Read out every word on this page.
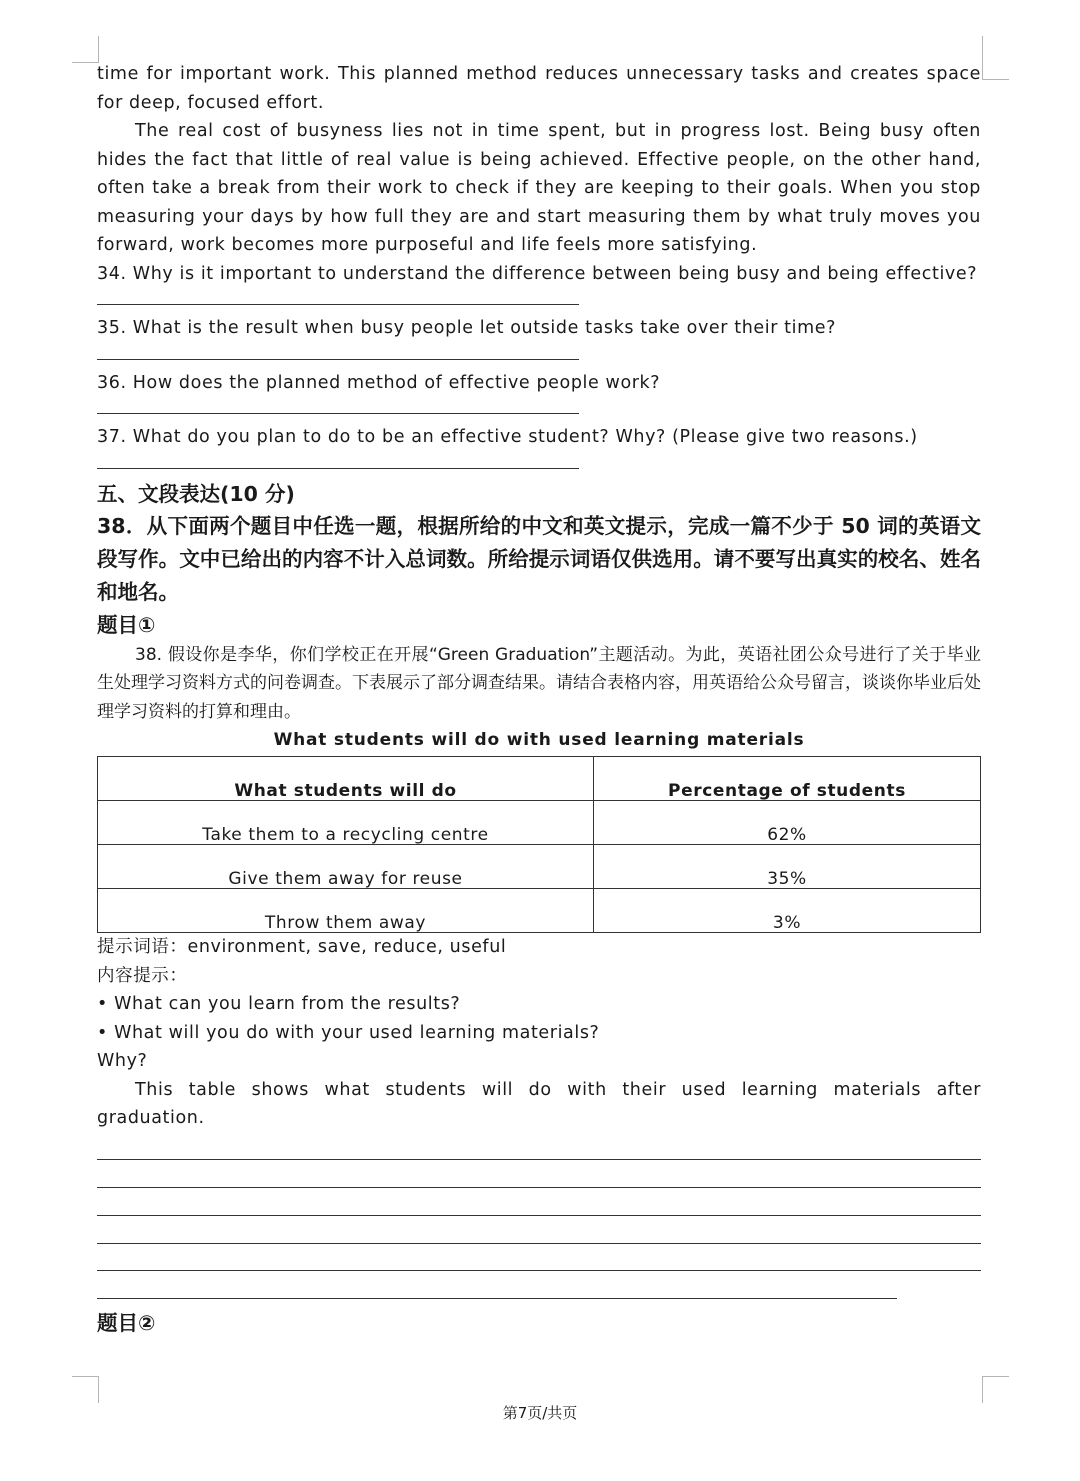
time for important work. This planned method reduces unnecessary tasks and creates space for deep, focused effort.

The real cost of busyness lies not in time spent, but in progress lost. Being busy often hides the fact that little of real value is being achieved. Effective people, on the other hand, often take a break from their work to check if they are keeping to their goals. When you stop measuring your days by how full they are and start measuring them by what truly moves you forward, work becomes more purposeful and life feels more satisfying.

34. Why is it important to understand the difference between being busy and being effective?

35. What is the result when busy people let outside tasks take over their time?

36. How does the planned method of effective people work?

37. What do you plan to do to be an effective student? Why? (Please give two reasons.)

五、文段表达(10 分)

38．从下面两个题目中任选一题，根据所给的中文和英文提示，完成一篇不少于 50 词的英语文段写作。文中已给出的内容不计入总词数。所给提示词语仅供选用。请不要写出真实的校名、姓名和地名。

题目①

38. 假设你是李华，你们学校正在开展“Green Graduation”主题活动。为此，英语社团公众号进行了关于毕业生处理学习资料方式的问卷调查。下表展示了部分调查结果。请结合表格内容，用英语给公众号留言，谈谈你毕业后处理学习资料的打算和理由。

What students will do with used learning materials

What students will do	Percentage of students
Take them to a recycling centre	62%
Give them away for reuse	35%
Throw them away	3%

提示词语：environment, save, reduce, useful

内容提示：

• What can you learn from the results?

• What will you do with your used learning materials?

Why?

This table shows what students will do with their used learning materials after graduation.

题目②

第7页/共页
